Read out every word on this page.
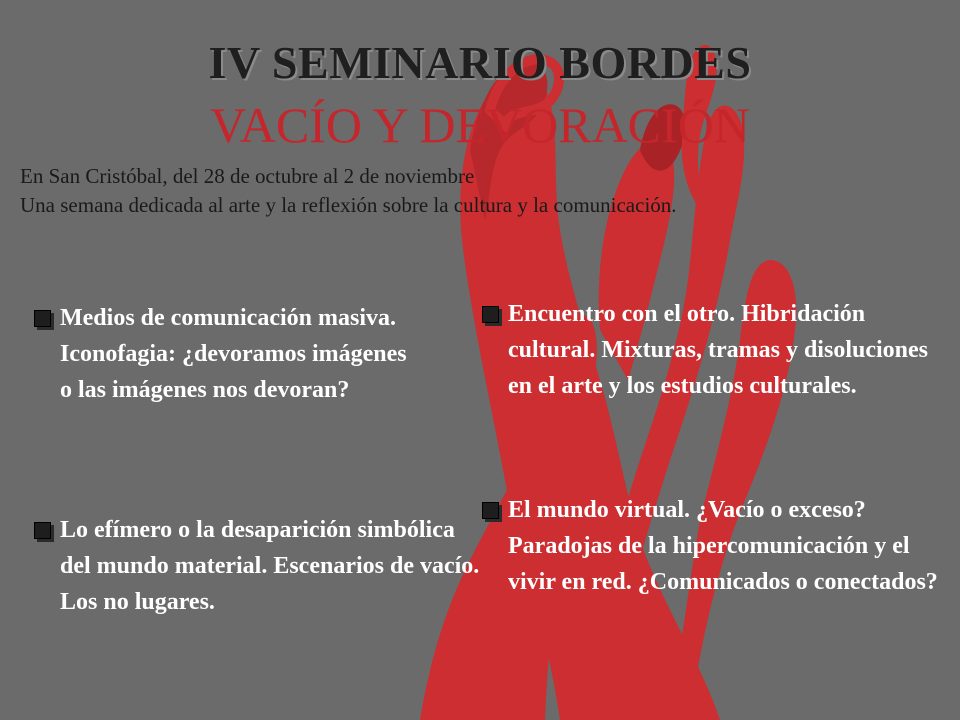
IV SEMINARIO BORDES
VACÍO Y DEVORACIÓN

En San Cristóbal, del 28 de octubre al 2 de noviembre

Una semana dedicada al arte y la reflexión sobre la cultura y la comunicación.

Medios de comunicación masiva. Iconofagia: ¿devoramos imágenes o las imágenes nos devoran?
Lo efímero o la desaparición simbólica del mundo material. Escenarios de vacío. Los no lugares.
Encuentro con el otro. Hibridación cultural. Mixturas, tramas y disoluciones en el arte y los estudios culturales.
El mundo virtual. ¿Vacío o exceso? Paradojas de la hipercomunicación y el vivir en red. ¿Comunicados o conectados?
